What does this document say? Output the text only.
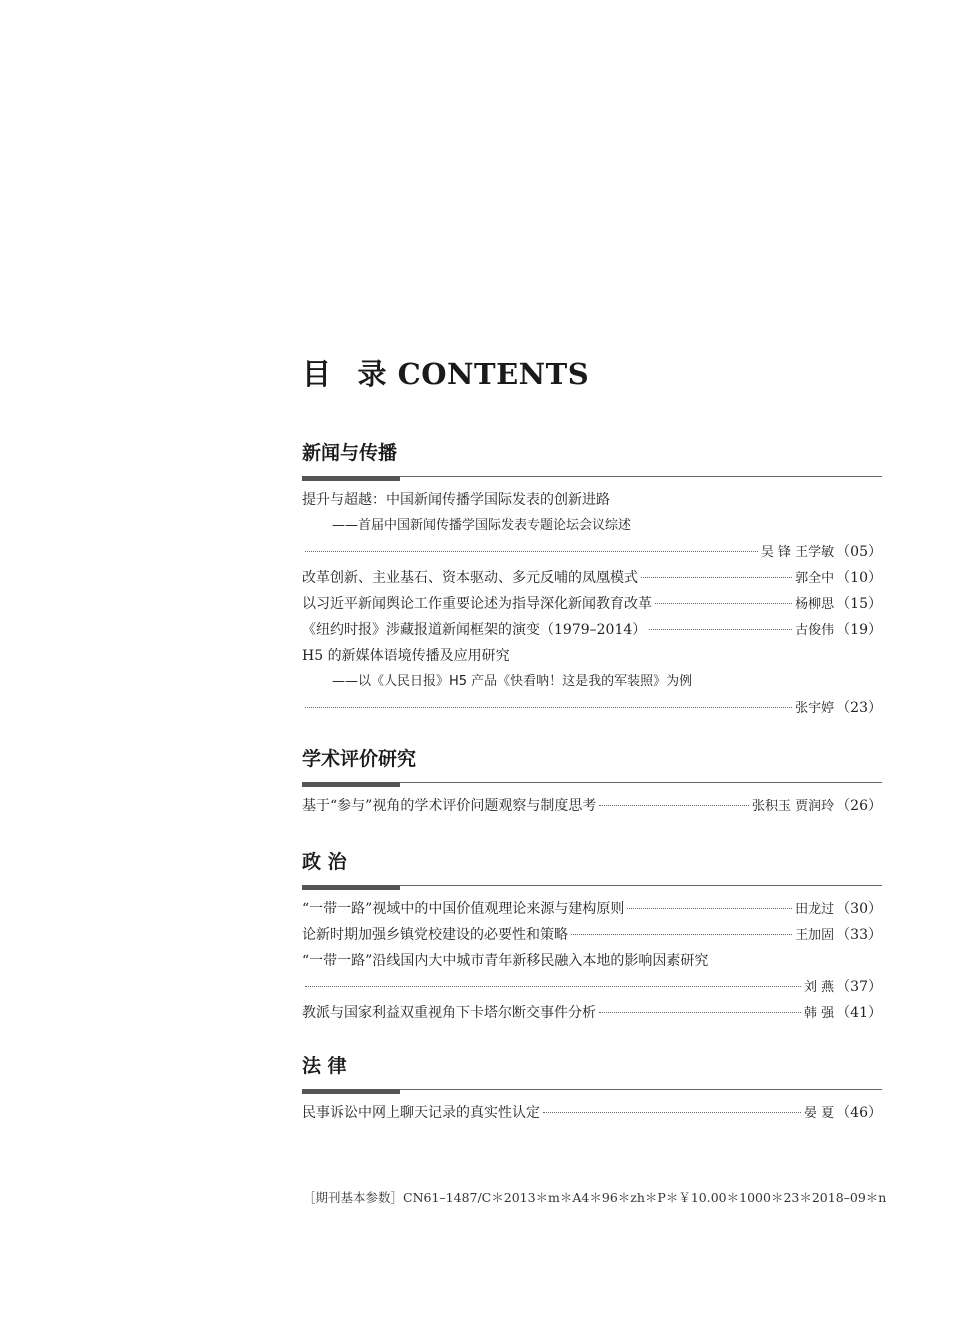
目 录 CONTENTS
新闻与传播
提升与超越：中国新闻传播学国际发表的创新进路
——首届中国新闻传播学国际发表专题论坛会议综述
吴 锋 王学敏 （05）
改革创新、主业基石、资本驱动、多元反哺的凤凰模式	郭全中 （10）
以习近平新闻舆论工作重要论述为指导深化新闻教育改革	杨柳思 （15）
《纽约时报》涉藏报道新闻框架的演变（1979–2014）	古俊伟 （19）
H5 的新媒体语境传播及应用研究
——以《人民日报》H5 产品《快看呐！这是我的军装照》为例
张宇婷 （23）
学术评价研究
基于“参与”视角的学术评价问题观察与制度思考	张积玉 贾润玲 （26）
政 治
“一带一路”视域中的中国价值观理论来源与建构原则	田龙过 （30）
论新时期加强乡镇党校建设的必要性和策略	王加固 （33）
“一带一路”沿线国内大中城市青年新移民融入本地的影响因素研究
刘 燕 （37）
教派与国家利益双重视角下卡塔尔断交事件分析	韩 强 （41）
法 律
民事诉讼中网上聊天记录的真实性认定	晏 夏 （46）
［期刊基本参数］CN61–1487/C＊2013＊m＊A4＊96＊zh＊P＊￥10.00＊1000＊23＊2018–09＊n
